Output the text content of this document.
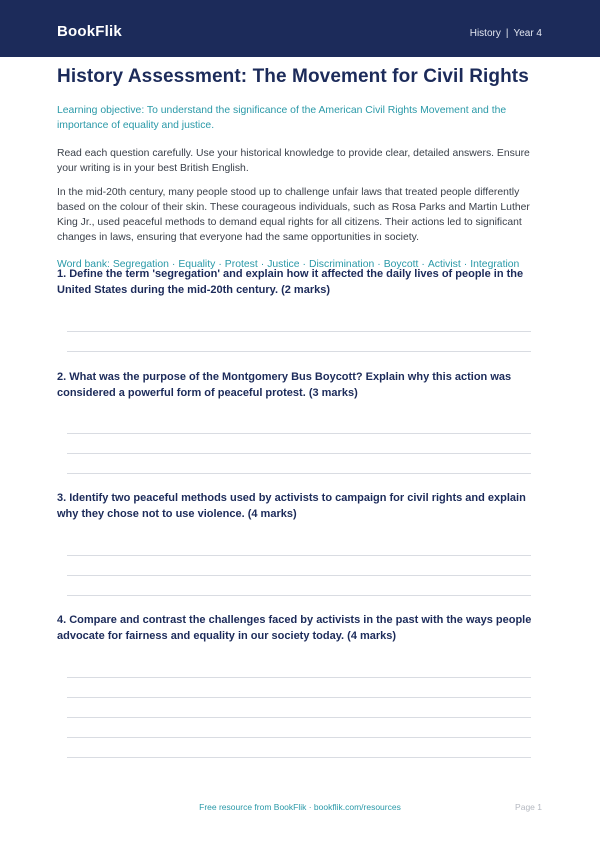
BookFlik	History | Year 4
History Assessment: The Movement for Civil Rights
Learning objective: To understand the significance of the American Civil Rights Movement and the importance of equality and justice.
Read each question carefully. Use your historical knowledge to provide clear, detailed answers. Ensure your writing is in your best British English.
In the mid-20th century, many people stood up to challenge unfair laws that treated people differently based on the colour of their skin. These courageous individuals, such as Rosa Parks and Martin Luther King Jr., used peaceful methods to demand equal rights for all citizens. Their actions led to significant changes in laws, ensuring that everyone had the same opportunities in society.
Word bank: Segregation · Equality · Protest · Justice · Discrimination · Boycott · Activist · Integration
1. Define the term 'segregation' and explain how it affected the daily lives of people in the United States during the mid-20th century. (2 marks)
2. What was the purpose of the Montgomery Bus Boycott? Explain why this action was considered a powerful form of peaceful protest. (3 marks)
3. Identify two peaceful methods used by activists to campaign for civil rights and explain why they chose not to use violence. (4 marks)
4. Compare and contrast the challenges faced by activists in the past with the ways people advocate for fairness and equality in our society today. (4 marks)
Free resource from BookFlik · bookflik.com/resources	Page 1
